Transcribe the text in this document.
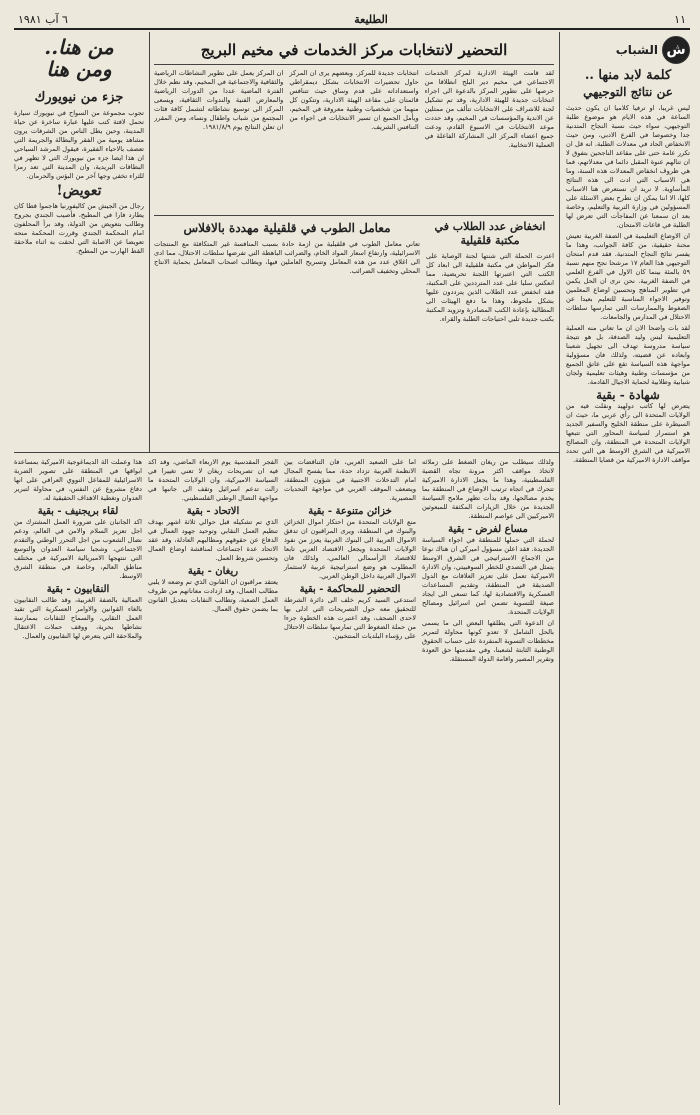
١١
الطليعة
٦ آب ١٩٨١
ش
الشباب
كلمة لابد منها ..
عن نتائج التوجيهي

ليس غريبا، او ترفيا كلاميا ان يكون حديث الساعة في هذه الايام هو موضوع طلبة التوجيهي، سواء حيث نسبة النجاح المتدنية جدا وخصوصا في الفرع الادبي، ومن حيث الانخفاض الحاد في معدلات الطلبة. انه قل ان تكرر عامة حتى على مقاعد الناجحين بتفوق لا ان تنالهم عنوة المقبل دائما في معدلاتهم، فما هي ظروف انخفاض المعدلات هذه السنة، وما هي الاسباب التي ادت الى هذه النتائج المأساوية. لا نريد ان نستعرض هنا الاسباب كلها، الا اننا يمكن ان نطرح بعض الاسئلة على المسؤولين في وزارة التربية والتعليم، وخاصة بعد ان سمعنا عن المفاجآت التي تعرض لها الطلبة في قاعات الامتحان.

ان الاوضاع التعليمية في الضفة الغربية تعيش محنة حقيقية، من كافة الجوانب، وهذا ما يفسر نتائج النجاح المتدنية. فقد قدم امتحان التوجيهي هذا العام ١٧ مرشحا نجح منهم نسبة ٥٩ بالمئة بينما كان الاول في الفرع العلمي في الضفة الغربية. نحن نرى ان الحل يكمن في تطوير المناهج وتحسين اوضاع المعلمين وتوفير الاجواء المناسبة للتعليم بعيدا عن الضغوط والممارسات التي تمارسها سلطات الاحتلال في المدارس والجامعات.

لقد بات واضحا الان ان ما تعاني منه العملية التعليمية ليس وليد الصدفة، بل هو نتيجة سياسة مدروسة تهدف الى تجهيل شعبنا وابعاده عن قضيته، ولذلك فان مسؤولية مواجهة هذه السياسة تقع على عاتق الجميع من مؤسسات وطنية وهيئات تعليمية ولجان شبابية وطلابية لحماية الاجيال القادمة.

شهادة - بقية

يتعرض لها كاتب دولهيد ونقلت فيه من الولايات المتحدة الى رأي عربي ما، حيث ان السيطرة على منطقة الخليج والسفير الجديد هو استمرار لسياسة المحاور التي تتبعها الولايات المتحدة في المنطقة، وان المصالح الاميركية في الشرق الاوسط هي التي تحدد مواقف الادارة الاميركية من قضايا المنطقة.

من هنا..
ومن هنا
جزء من نيويورك

تجوب مجموعة من السواح في نيويورك سيارة تحمل لافتة كتب عليها عبارة ساخرة عن حياة المدينة، وحين يطل الناس من الشرفات يرون مشاهد يومية من الفقر والبطالة والجريمة التي تعصف بالاحياء الفقيرة، فيقول المرشد السياحي ان هذا ايضا جزء من نيويورك التي لا تظهر في البطاقات البريدية، وان المدينة التي تعد رمزا للثراء تخفي وجها آخر من البؤس والحرمان.

تعويض!

رجال من الجيش من كاليفورنيا هاجموا قطا كان يطارد فارا في المطبخ، فأصيب الجندي بجروح وطالب بتعويض من الدولة، وقد برأ المحلفون امام المحكمة الجندي وقررت المحكمة منحه تعويضا عن الاصابة التي لحقت به اثناء ملاحقة القط الهارب من المطبخ.

التحضير لانتخابات مركز الخدمات في مخيم البريج
لقد قامت الهيئة الادارية لمركز الخدمات الاجتماعي في مخيم دير البلح انطلاقا من حرصها على تطوير المركز بالدعوة الى اجراء انتخابات جديدة للهيئة الادارية، وقد تم تشكيل لجنة للاشراف على الانتخابات تتألف من ممثلين عن الاندية والمؤسسات في المخيم، وقد حددت موعد الانتخابات في الاسبوع القادم، ودعت جميع اعضاء المركز الى المشاركة الفاعلة في العملية الانتخابية.
انتخابات جديدة للمركز. وبعضهم يرى ان المركز حاول تحضيرات الانتخابات بشكل ديمقراطي واستعداداته على قدم وساق حيث تتنافس قائمتان على مقاعد الهيئة الادارية، وتتكون كل منهما من شخصيات وطنية معروفة في المخيم، ويأمل الجميع ان تسير الانتخابات في اجواء من التنافس الشريف.
ان المركز يعمل على تطوير النشاطات الرياضية والثقافية والاجتماعية في المخيم، وقد نظم خلال الفترة الماضية عددا من الدورات الرياضية والمعارض الفنية والندوات الثقافية، ويسعى المركز الى توسيع نشاطاته لتشمل كافة فئات المجتمع من شباب واطفال ونساء، ومن المقرر ان تعلن النتائج يوم ١٩٨١/٨/٩.
انخفاض عدد الطلاب في مكتبة قلقيلية
اعترت الحملة التي شنتها لجنة الوصاية على فكر المواطن في مكتبة قلقيلية الى ابعاد كل الكتب التي اعتبرتها اللجنة تحريضية، مما انعكس سلبا على عدد المترددين على المكتبة، فقد انخفض عدد الطلاب الذين يترددون عليها بشكل ملحوظ، وهذا ما دفع الهيئات الى المطالبة بإعادة الكتب المصادرة وتزويد المكتبة بكتب جديدة تلبي احتياجات الطلبة والقراء.
معامل الطوب في قلقيلية مهددة بالافلاس
تعاني معامل الطوب في قلقيلية من ازمة حادة بسبب المنافسة غير المتكافئة مع المنتجات الاسرائيلية، وارتفاع اسعار المواد الخام، والضرائب الباهظة التي تفرضها سلطات الاحتلال، مما ادى الى اغلاق عدد من هذه المعامل وتسريح العاملين فيها، ويطالب اصحاب المعامل بحماية الانتاج المحلي وتخفيف الضرائب.

ولذلك سيطلب من ريغان الضغط على زملائه لاتخاذ مواقف اكثر مرونة تجاه القضية الفلسطينية، وهذا ما يجعل الادارة الاميركية تتحرك في اتجاه ترتيب الاوضاع في المنطقة بما يخدم مصالحها، وقد بدأت تظهر ملامح السياسة الجديدة من خلال الزيارات المكثفة للمبعوثين الاميركيين الى عواصم المنطقة.

مساع لفرض - بقية

لحملة التي حملها للمنطقة في اجواء السياسة الجديدة. فقد اعلن مسؤول اميركي ان هناك نوعا من الاجماع الاستراتيجي في الشرق الاوسط يتمثل في التصدي للخطر السوفييتي، وان الادارة الاميركية تعمل على تعزيز العلاقات مع الدول الصديقة في المنطقة، وتقديم المساعدات العسكرية والاقتصادية لها، كما تسعى الى ايجاد صيغة للتسوية تضمن امن اسرائيل ومصالح الولايات المتحدة.

ان الدعوة التي يطلقها البعض الى ما يسمى بالحل الشامل لا تعدو كونها محاولة لتمرير مخططات التسوية المنفردة على حساب الحقوق الوطنية الثابتة لشعبنا، وفي مقدمتها حق العودة وتقرير المصير واقامة الدولة المستقلة.

اما على الصعيد العربي، فان التناقضات بين الانظمة العربية تزداد حدة، مما يفسح المجال امام التدخلات الاجنبية في شؤون المنطقة، ويضعف الموقف العربي في مواجهة التحديات المصيرية.

خزائن متنوعة - بقية

منع الولايات المتحدة من احتكار اموال الخزائن والبنوك في المنطقة، ويرى المراقبون ان تدفق الاموال العربية الى البنوك الغربية يعزز من نفوذ الولايات المتحدة ويجعل الاقتصاد العربي تابعا للاقتصاد الرأسمالي العالمي، ولذلك فان المطلوب هو وضع استراتيجية عربية لاستثمار الاموال العربية داخل الوطن العربي.

التحضير للمحاكمة - بقية

استدعى السيد كريم خلف الى دائرة الشرطة للتحقيق معه حول التصريحات التي ادلى بها لاحدى الصحف، وقد اعتبرت هذه الخطوة جزءا من حملة الضغوط التي تمارسها سلطات الاحتلال على رؤساء البلديات المنتخبين.

الفجر المقدسية يوم الاربعاء الماضي، وقد اكد فيه ان تصريحات ريغان لا تعني تغييرا في السياسة الاميركية، وان الولايات المتحدة ما زالت تدعم اسرائيل وتقف الى جانبها في مواجهة النضال الوطني الفلسطيني.

الاتحاد - بقية

الذي تم تشكيله قبل حوالي ثلاثة اشهر بهدف تنظيم العمل النقابي وتوحيد جهود العمال في الدفاع عن حقوقهم ومطالبهم العادلة، وقد عقد الاتحاد عدة اجتماعات لمناقشة اوضاع العمال وتحسين شروط العمل.

ريغان - بقية

يعتقد مراقبون ان القانون الذي تم وضعه لا يلبي مطالب العمال، وقد ازدادت معاناتهم من ظروف العمل الصعبة، وتطالب النقابات بتعديل القانون بما يضمن حقوق العمال.

هذا وعملت الة الديماغوجية الاميركية بمساعدة ابواقها في المنطقة على تصوير الضربة الاسرائيلية للمفاعل النووي العراقي على انها دفاع مشروع عن النفس، في محاولة لتبرير العدوان وتغطية الاهداف الحقيقية له.

لقاء بريجنيف - بقية

اكد الجانبان على ضرورة العمل المشترك من اجل تعزيز السلام والامن في العالم، ودعم نضال الشعوب من اجل التحرر الوطني والتقدم الاجتماعي، وشجبا سياسة العدوان والتوسع التي تنتهجها الامبريالية الاميركية في مختلف مناطق العالم، وخاصة في منطقة الشرق الاوسط.

النقابيون - بقية

العمالية بالضفة الغربية، وقد طالب النقابيون بالغاء القوانين والاوامر العسكرية التي تقيد العمل النقابي، والسماح للنقابات بممارسة نشاطها بحرية، ووقف حملات الاعتقال والملاحقة التي يتعرض لها النقابيون والعمال.
